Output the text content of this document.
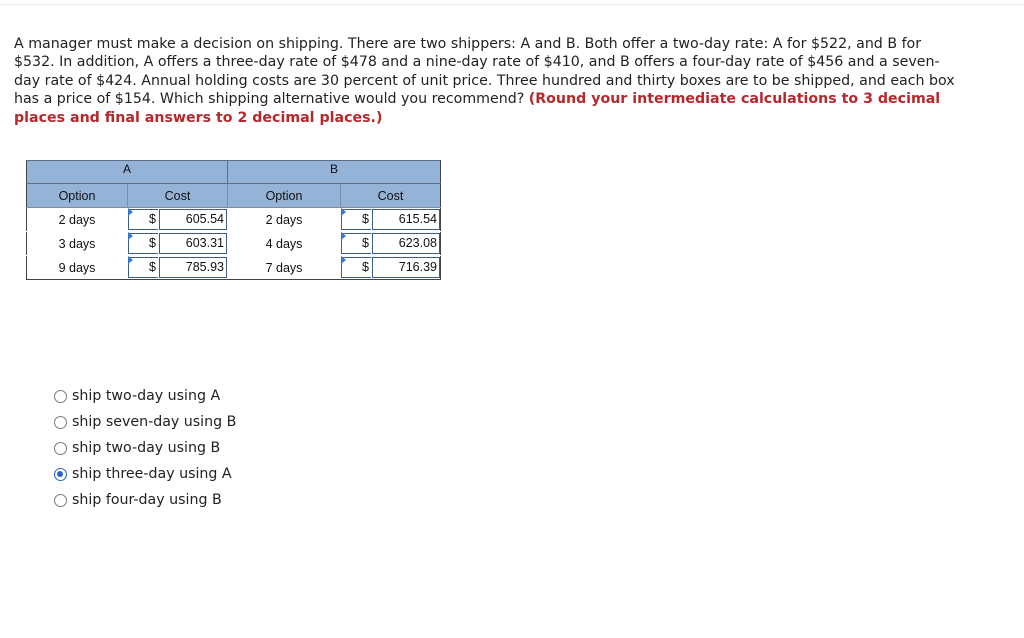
A manager must make a decision on shipping. There are two shippers: A and B. Both offer a two-day rate: A for $522, and B for $532. In addition, A offers a three-day rate of $478 and a nine-day rate of $410, and B offers a four-day rate of $456 and a seven-day rate of $424. Annual holding costs are 30 percent of unit price. Three hundred and thirty boxes are to be shipped, and each box has a price of $154. Which shipping alternative would you recommend? (Round your intermediate calculations to 3 decimal places and final answers to 2 decimal places.)
A			B		
Option	Cost		Option	Cost	
2 days	$	605.54	2 days	$	615.54

3 days	$	603.31	4 days	$	623.08

9 days	$	785.93	7 days	$	716.39
ship two-day using A
ship seven-day using B
ship two-day using B
ship three-day using A
ship four-day using B
